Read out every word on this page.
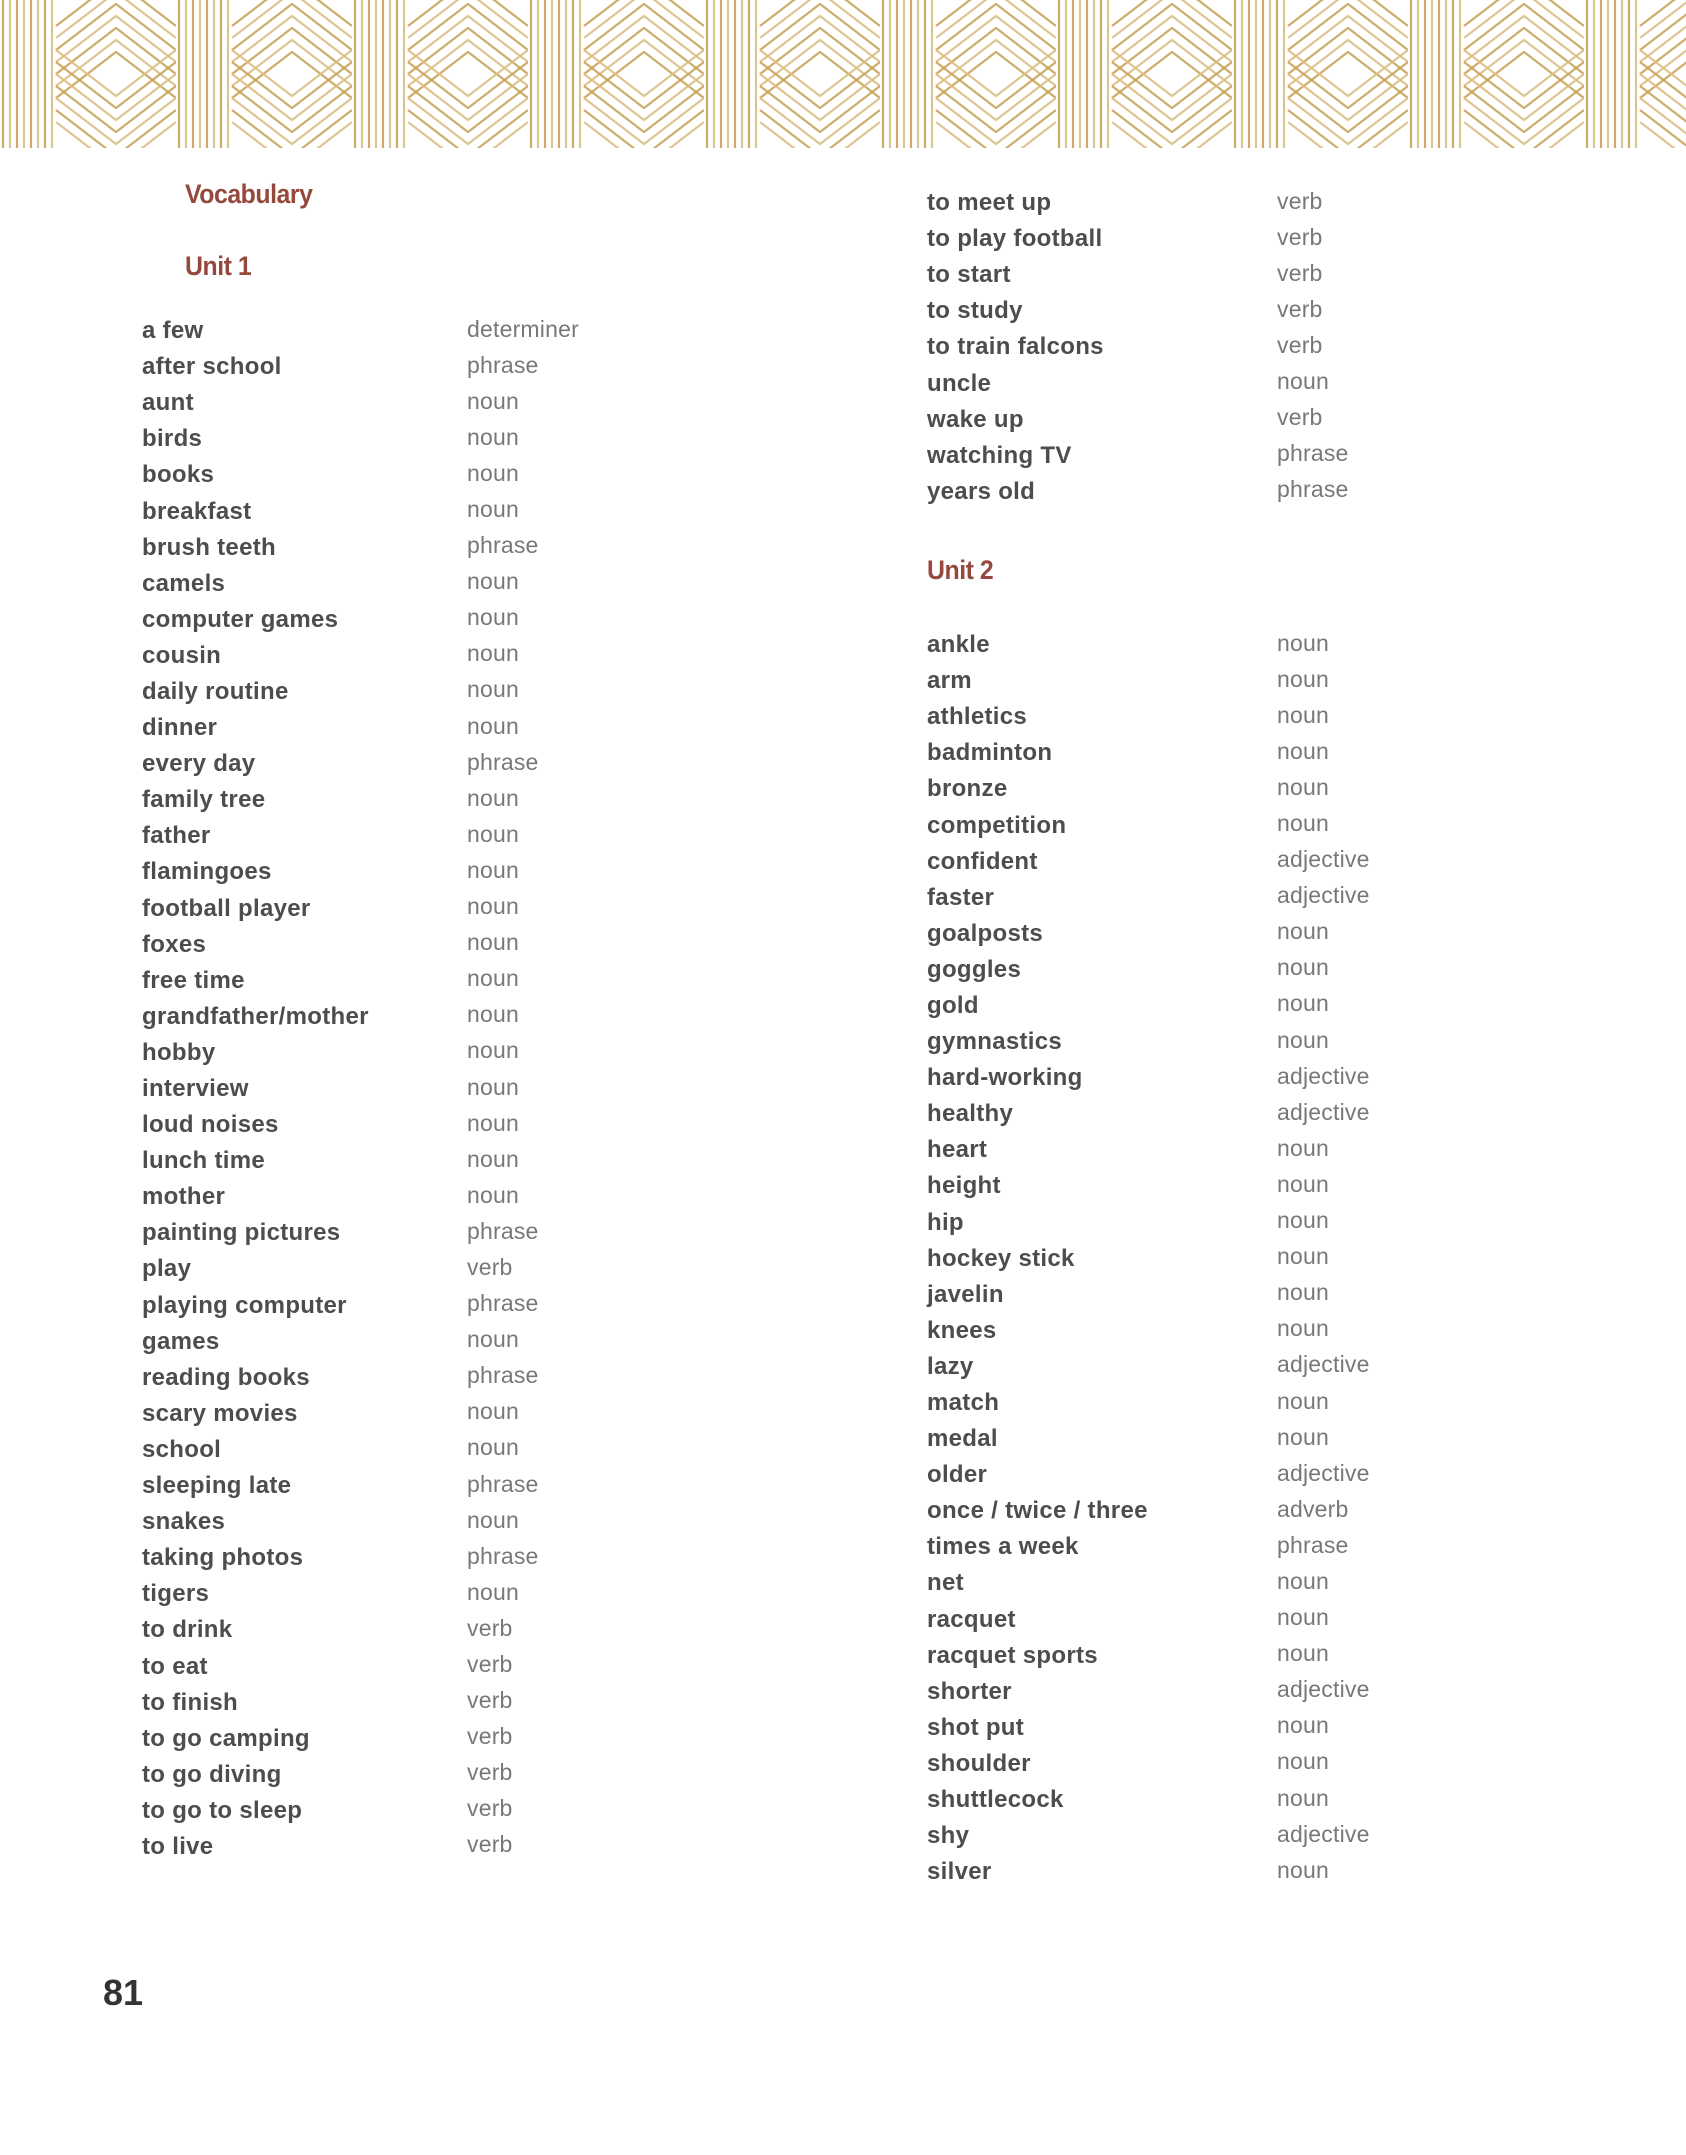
Vocabulary
Unit 1
Unit 2
a few	determiner
after school	phrase
aunt	noun
birds	noun
books	noun
breakfast	noun
brush teeth	phrase
camels	noun
computer games	noun
cousin	noun
daily routine	noun
dinner	noun
every day	phrase
family tree	noun
father	noun
flamingoes	noun
football player	noun
foxes	noun
free time	noun
grandfather/mother	noun
hobby	noun
interview	noun
loud noises	noun
lunch time	noun
mother	noun
painting pictures	phrase
play	verb
playing computer	phrase
games	noun
reading books	phrase
scary movies	noun
school	noun
sleeping late	phrase
snakes	noun
taking photos	phrase
tigers	noun
to drink	verb
to eat	verb
to finish	verb
to go camping	verb
to go diving	verb
to go to sleep	verb
to live	verb
to meet up	verb
to play football	verb
to start	verb
to study	verb
to train falcons	verb
uncle	noun
wake up	verb
watching TV	phrase
years old	phrase
ankle	noun
arm	noun
athletics	noun
badminton	noun
bronze	noun
competition	noun
confident	adjective
faster	adjective
goalposts	noun
goggles	noun
gold	noun
gymnastics	noun
hard-working	adjective
healthy	adjective
heart	noun
height	noun
hip	noun
hockey stick	noun
javelin	noun
knees	noun
lazy	adjective
match	noun
medal	noun
older	adjective
once / twice / three	adverb
times a week	phrase
net	noun
racquet	noun
racquet sports	noun
shorter	adjective
shot put	noun
shoulder	noun
shuttlecock	noun
shy	adjective
silver	noun
81
